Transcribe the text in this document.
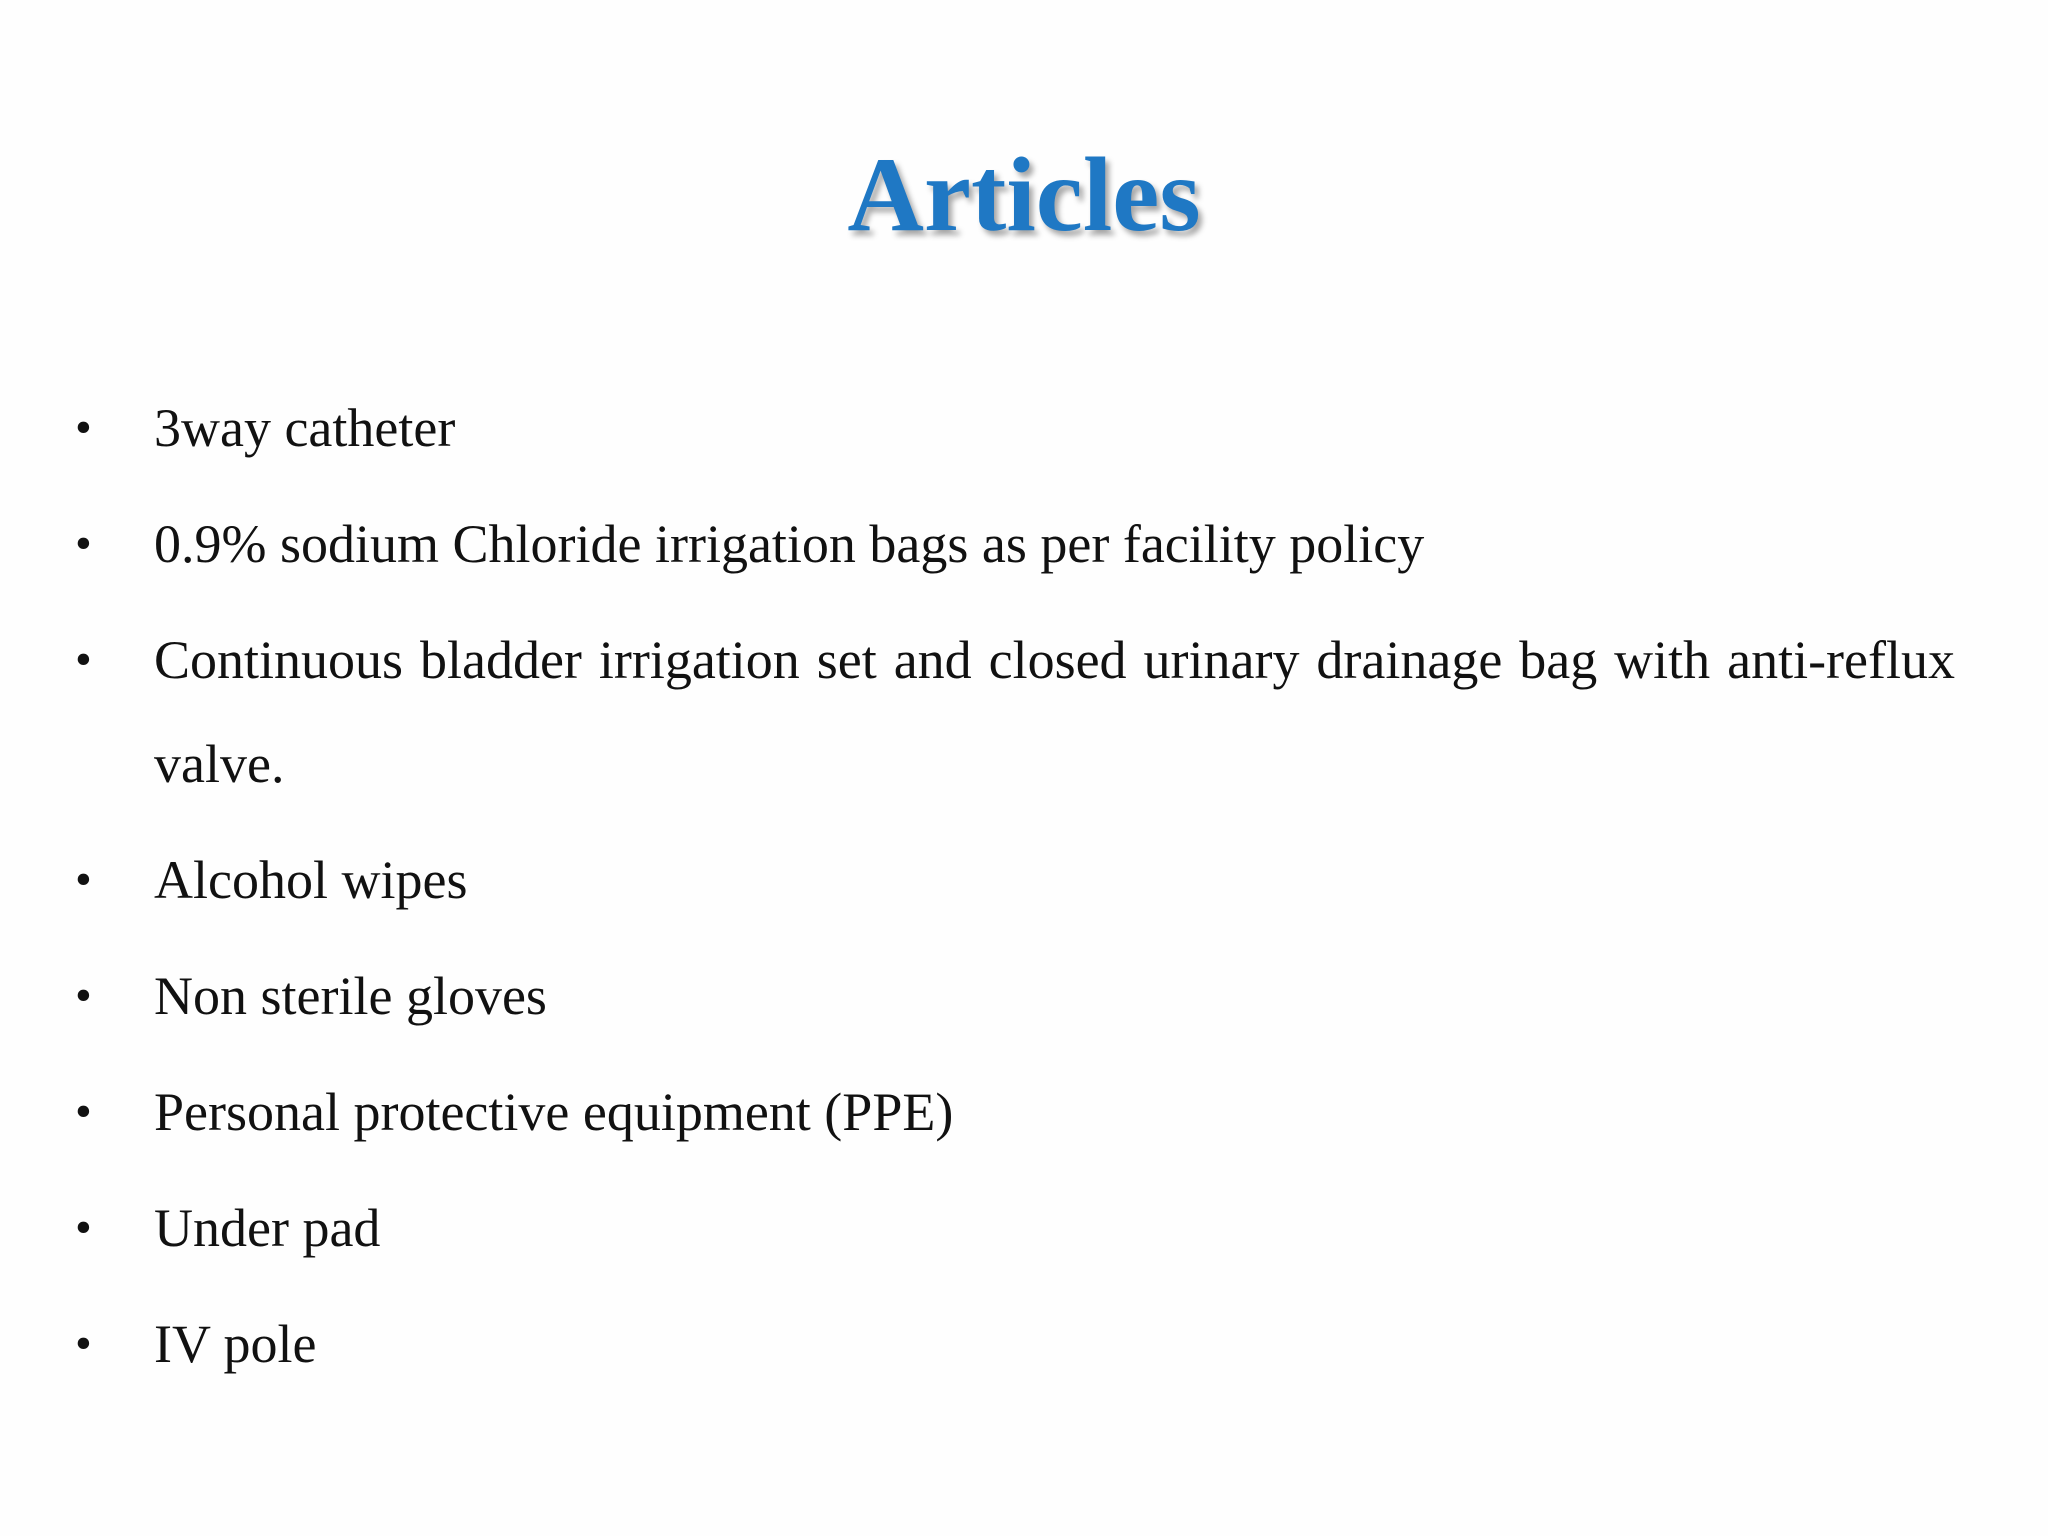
Articles
•	3way catheter
•	0.9% sodium Chloride irrigation bags as per facility policy
•	Continuous bladder irrigation set and closed urinary drainage bag with anti-reflux valve.
•	Alcohol wipes
•	Non sterile gloves
•	Personal protective equipment (PPE)
•	Under pad
•	IV pole
